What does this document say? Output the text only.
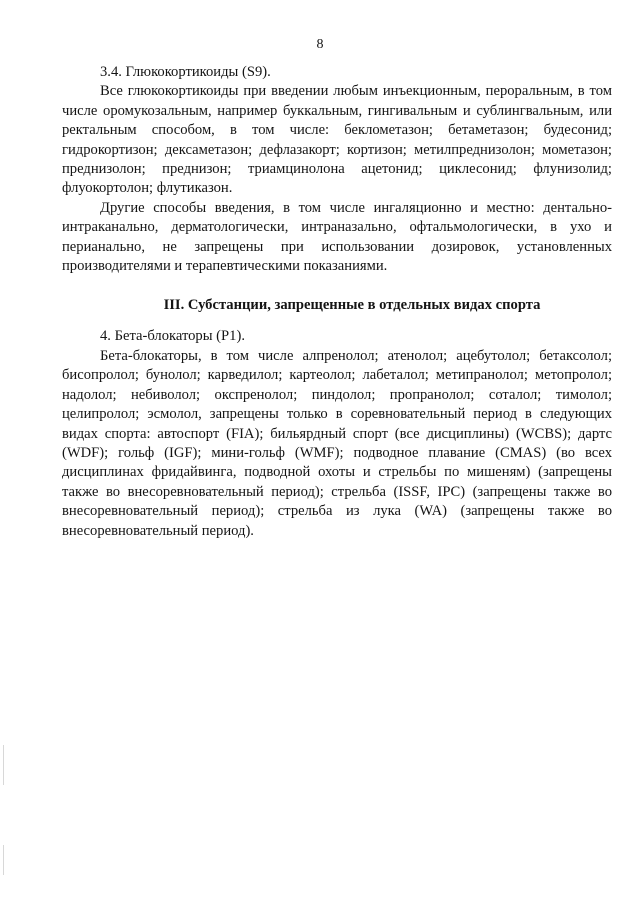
8

3.4. Глюкокортикоиды (S9).

Все глюкокортикоиды при введении любым инъекционным, пероральным, в том числе оромукозальным, например буккальным, гингивальным и сублингвальным, или ректальным способом, в том числе: беклометазон; бетаметазон; будесонид; гидрокортизон; дексаметазон; дефлазакорт; кортизон; метилпреднизолон; мометазон; преднизолон; преднизон; триамцинолона ацетонид; циклесонид; флунизолид; флуокортолон; флутиказон.

Другие способы введения, в том числе ингаляционно и местно: дентально-интраканально, дерматологически, интраназально, офтальмологически, в ухо и перианально, не запрещены при использовании дозировок, установленных производителями и терапевтическими показаниями.

III. Субстанции, запрещенные в отдельных видах спорта

4. Бета-блокаторы (P1).

Бета-блокаторы, в том числе алпренолол; атенолол; ацебутолол; бетаксолол; бисопролол; бунолол; карведилол; картеолол; лабеталол; метипранолол; метопролол; надолол; небиволол; окспренолол; пиндолол; пропранолол; соталол; тимолол; целипролол; эсмолол, запрещены только в соревновательный период в следующих видах спорта: автоспорт (FIA); бильярдный спорт (все дисциплины) (WCBS); дартс (WDF); гольф (IGF); мини-гольф (WMF); подводное плавание (CMAS) (во всех дисциплинах фридайвинга, подводной охоты и стрельбы по мишеням) (запрещены также во внесоревновательный период); стрельба (ISSF, IPC) (запрещены также во внесоревновательный период); стрельба из лука (WA) (запрещены также во внесоревновательный период).
